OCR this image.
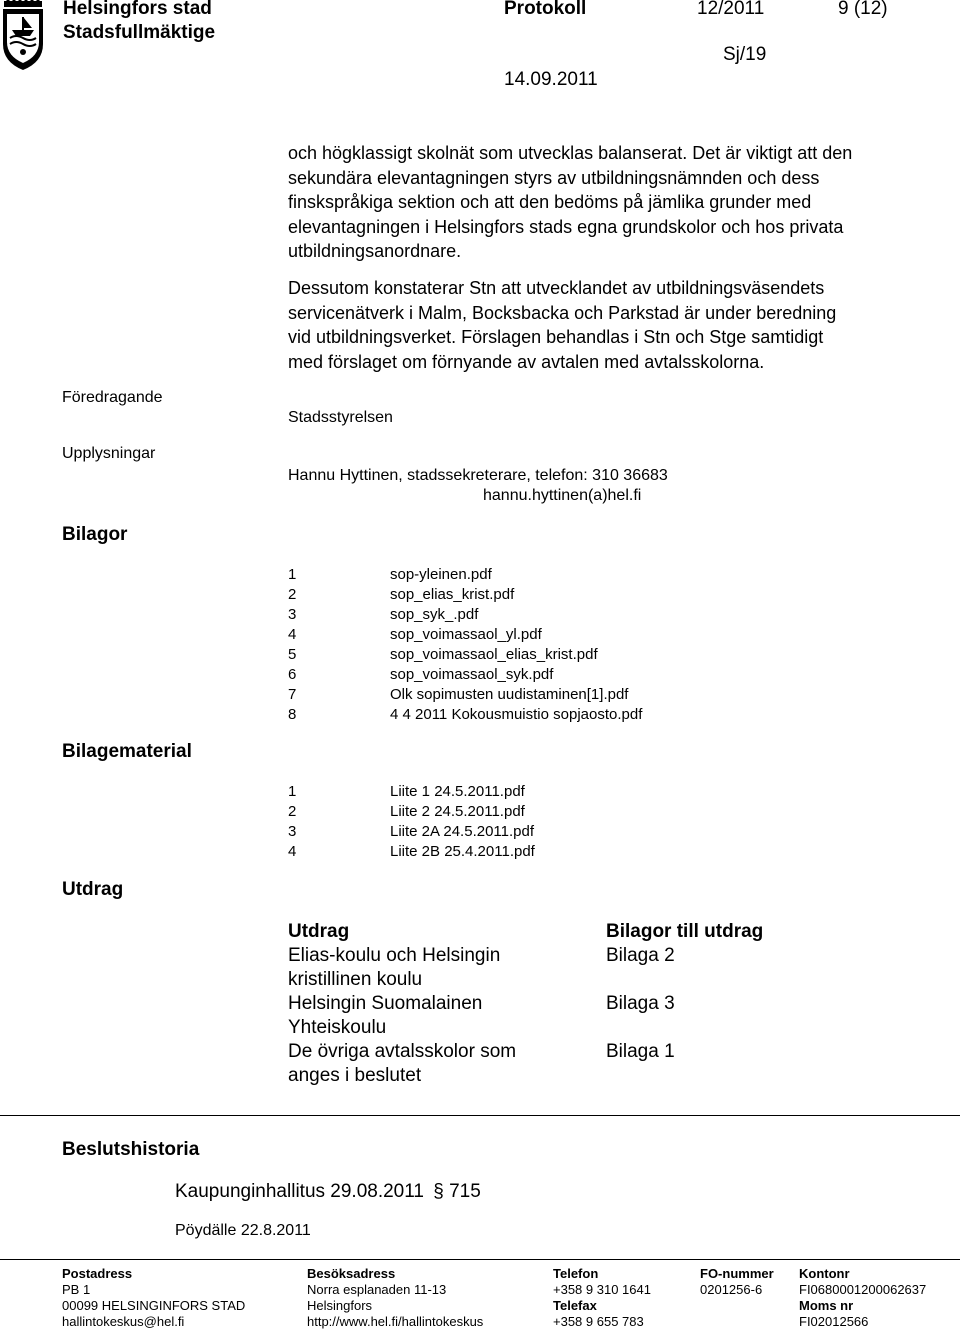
Helsingfors stad
Stadsfullmäktige
Protokoll	12/2011	9 (12)
Sj/19
14.09.2011
och högklassigt skolnät som utvecklas balanserat. Det är viktigt att den
sekundära elevantagningen styrs av utbildningsnämnden och dess
finskspråkiga sektion och att den bedöms på jämlika grunder med
elevantagningen i Helsingfors stads egna grundskolor och hos privata
utbildningsanordnare.
Dessutom konstaterar Stn att utvecklandet av utbildningsväsendets
servicenätverk i Malm, Bocksbacka och Parkstad är under beredning
vid utbildningsverket. Förslagen behandlas i Stn och Stge samtidigt
med förslaget om förnyande av avtalen med avtalsskolorna.
Föredragande
Stadsstyrelsen
Upplysningar
Hannu Hyttinen, stadssekreterare, telefon: 310 36683
hannu.hyttinen(a)hel.fi
Bilagor
1	sop-yleinen.pdf
2	sop_elias_krist.pdf
3	sop_syk_.pdf
4	sop_voimassaol_yl.pdf
5	sop_voimassaol_elias_krist.pdf
6	sop_voimassaol_syk.pdf
7	Olk sopimusten uudistaminen[1].pdf
8	4 4 2011 Kokousmuistio sopjaosto.pdf
Bilagematerial
1	Liite 1 24.5.2011.pdf
2	Liite 2 24.5.2011.pdf
3	Liite 2A 24.5.2011.pdf
4	Liite 2B 25.4.2011.pdf
Utdrag
Utdrag	Bilagor till utdrag
Elias-koulu och Helsingin
kristillinen koulu
Bilaga 2
Helsingin Suomalainen
Yhteiskoulu
Bilaga 3
De övriga avtalsskolor som
anges i beslutet
Bilaga 1
Beslutshistoria
Kaupunginhallitus 29.08.2011 § 715
Pöydälle 22.8.2011
Postadress
PB 1
00099 HELSINGINFORS STAD
hallintokeskus@hel.fi
Besöksadress
Norra esplanaden 11-13
Helsingfors
http://www.hel.fi/hallintokeskus
Telefon
+358 9 310 1641
Telefax
+358 9 655 783
FO-nummer
0201256-6
Kontonr
FI0680001200062637
Moms nr
FI02012566
